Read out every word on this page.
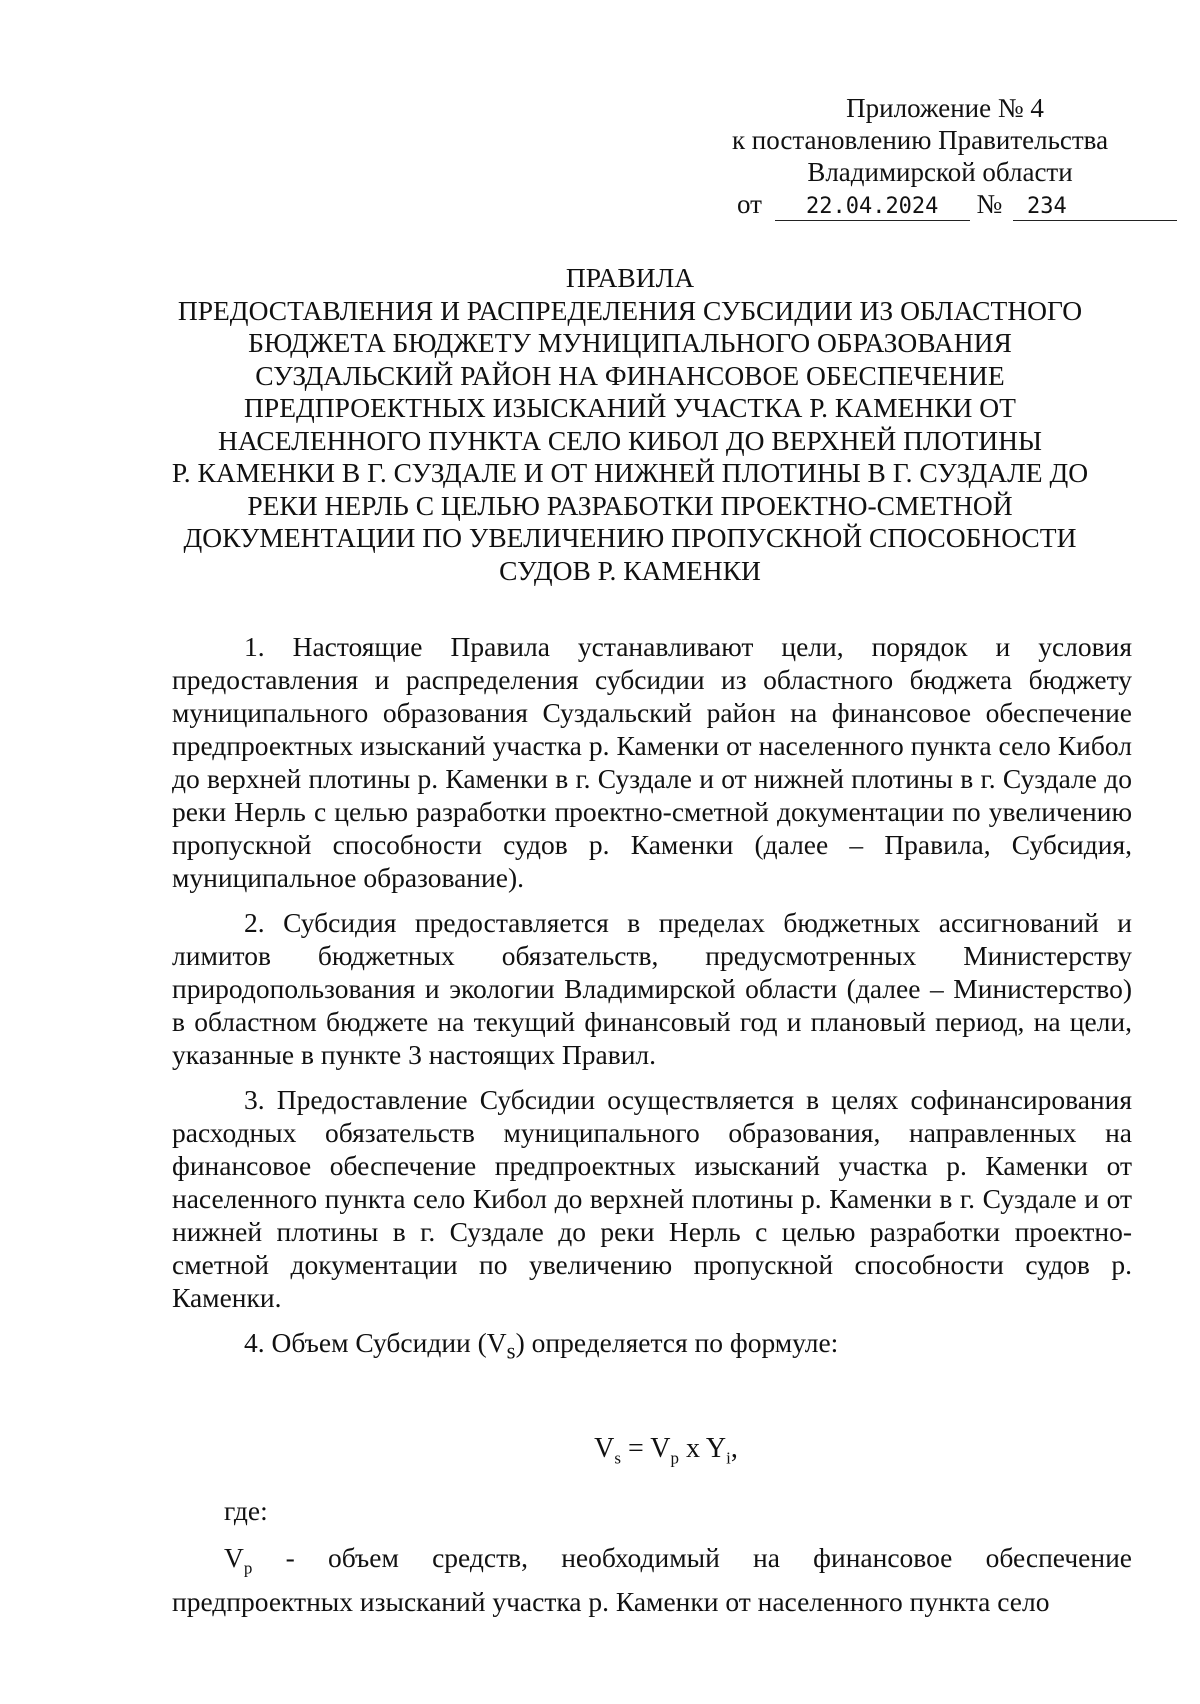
Приложение № 4
к постановлению Правительства
Владимирской области
от 22.04.2024 № 234
ПРАВИЛА
ПРЕДОСТАВЛЕНИЯ И РАСПРЕДЕЛЕНИЯ СУБСИДИИ ИЗ ОБЛАСТНОГО
БЮДЖЕТА БЮДЖЕТУ МУНИЦИПАЛЬНОГО ОБРАЗОВАНИЯ
СУЗДАЛЬСКИЙ РАЙОН НА ФИНАНСОВОЕ ОБЕСПЕЧЕНИЕ
ПРЕДПРОЕКТНЫХ ИЗЫСКАНИЙ УЧАСТКА Р. КАМЕНКИ ОТ
НАСЕЛЕННОГО ПУНКТА СЕЛО КИБОЛ ДО ВЕРХНЕЙ ПЛОТИНЫ
Р. КАМЕНКИ В Г. СУЗДАЛЕ И ОТ НИЖНЕЙ ПЛОТИНЫ В Г. СУЗДАЛЕ ДО
РЕКИ НЕРЛЬ С ЦЕЛЬЮ РАЗРАБОТКИ ПРОЕКТНО-СМЕТНОЙ
ДОКУМЕНТАЦИИ ПО УВЕЛИЧЕНИЮ ПРОПУСКНОЙ СПОСОБНОСТИ
СУДОВ Р. КАМЕНКИ

1. Настоящие Правила устанавливают цели, порядок и условия предоставления и распределения субсидии из областного бюджета бюджету муниципального образования Суздальский район на финансовое обеспечение предпроектных изысканий участка р. Каменки от населенного пункта село Кибол до верхней плотины р. Каменки в г. Суздале и от нижней плотины в г. Суздале до реки Нерль с целью разработки проектно-сметной документации по увеличению пропускной способности судов р. Каменки (далее – Правила, Субсидия, муниципальное образование).

2. Субсидия предоставляется в пределах бюджетных ассигнований и лимитов бюджетных обязательств, предусмотренных Министерству природопользования и экологии Владимирской области (далее – Министерство) в областном бюджете на текущий финансовый год и плановый период, на цели, указанные в пункте 3 настоящих Правил.

3. Предоставление Субсидии осуществляется в целях софинансирования расходных обязательств муниципального образования, направленных на финансовое обеспечение предпроектных изысканий участка р. Каменки от населенного пункта село Кибол до верхней плотины р. Каменки в г. Суздале и от нижней плотины в г. Суздале до реки Нерль с целью разработки проектно-сметной документации по увеличению пропускной способности судов р. Каменки.

4. Объем Субсидии $(V_s)$ определяется по формуле:

$V_s = V_p$ x $Y_i$,

где:

$V_p$ - объем средств, необходимый на финансовое обеспечение предпроектных изысканий участка р. Каменки от населенного пункта село
